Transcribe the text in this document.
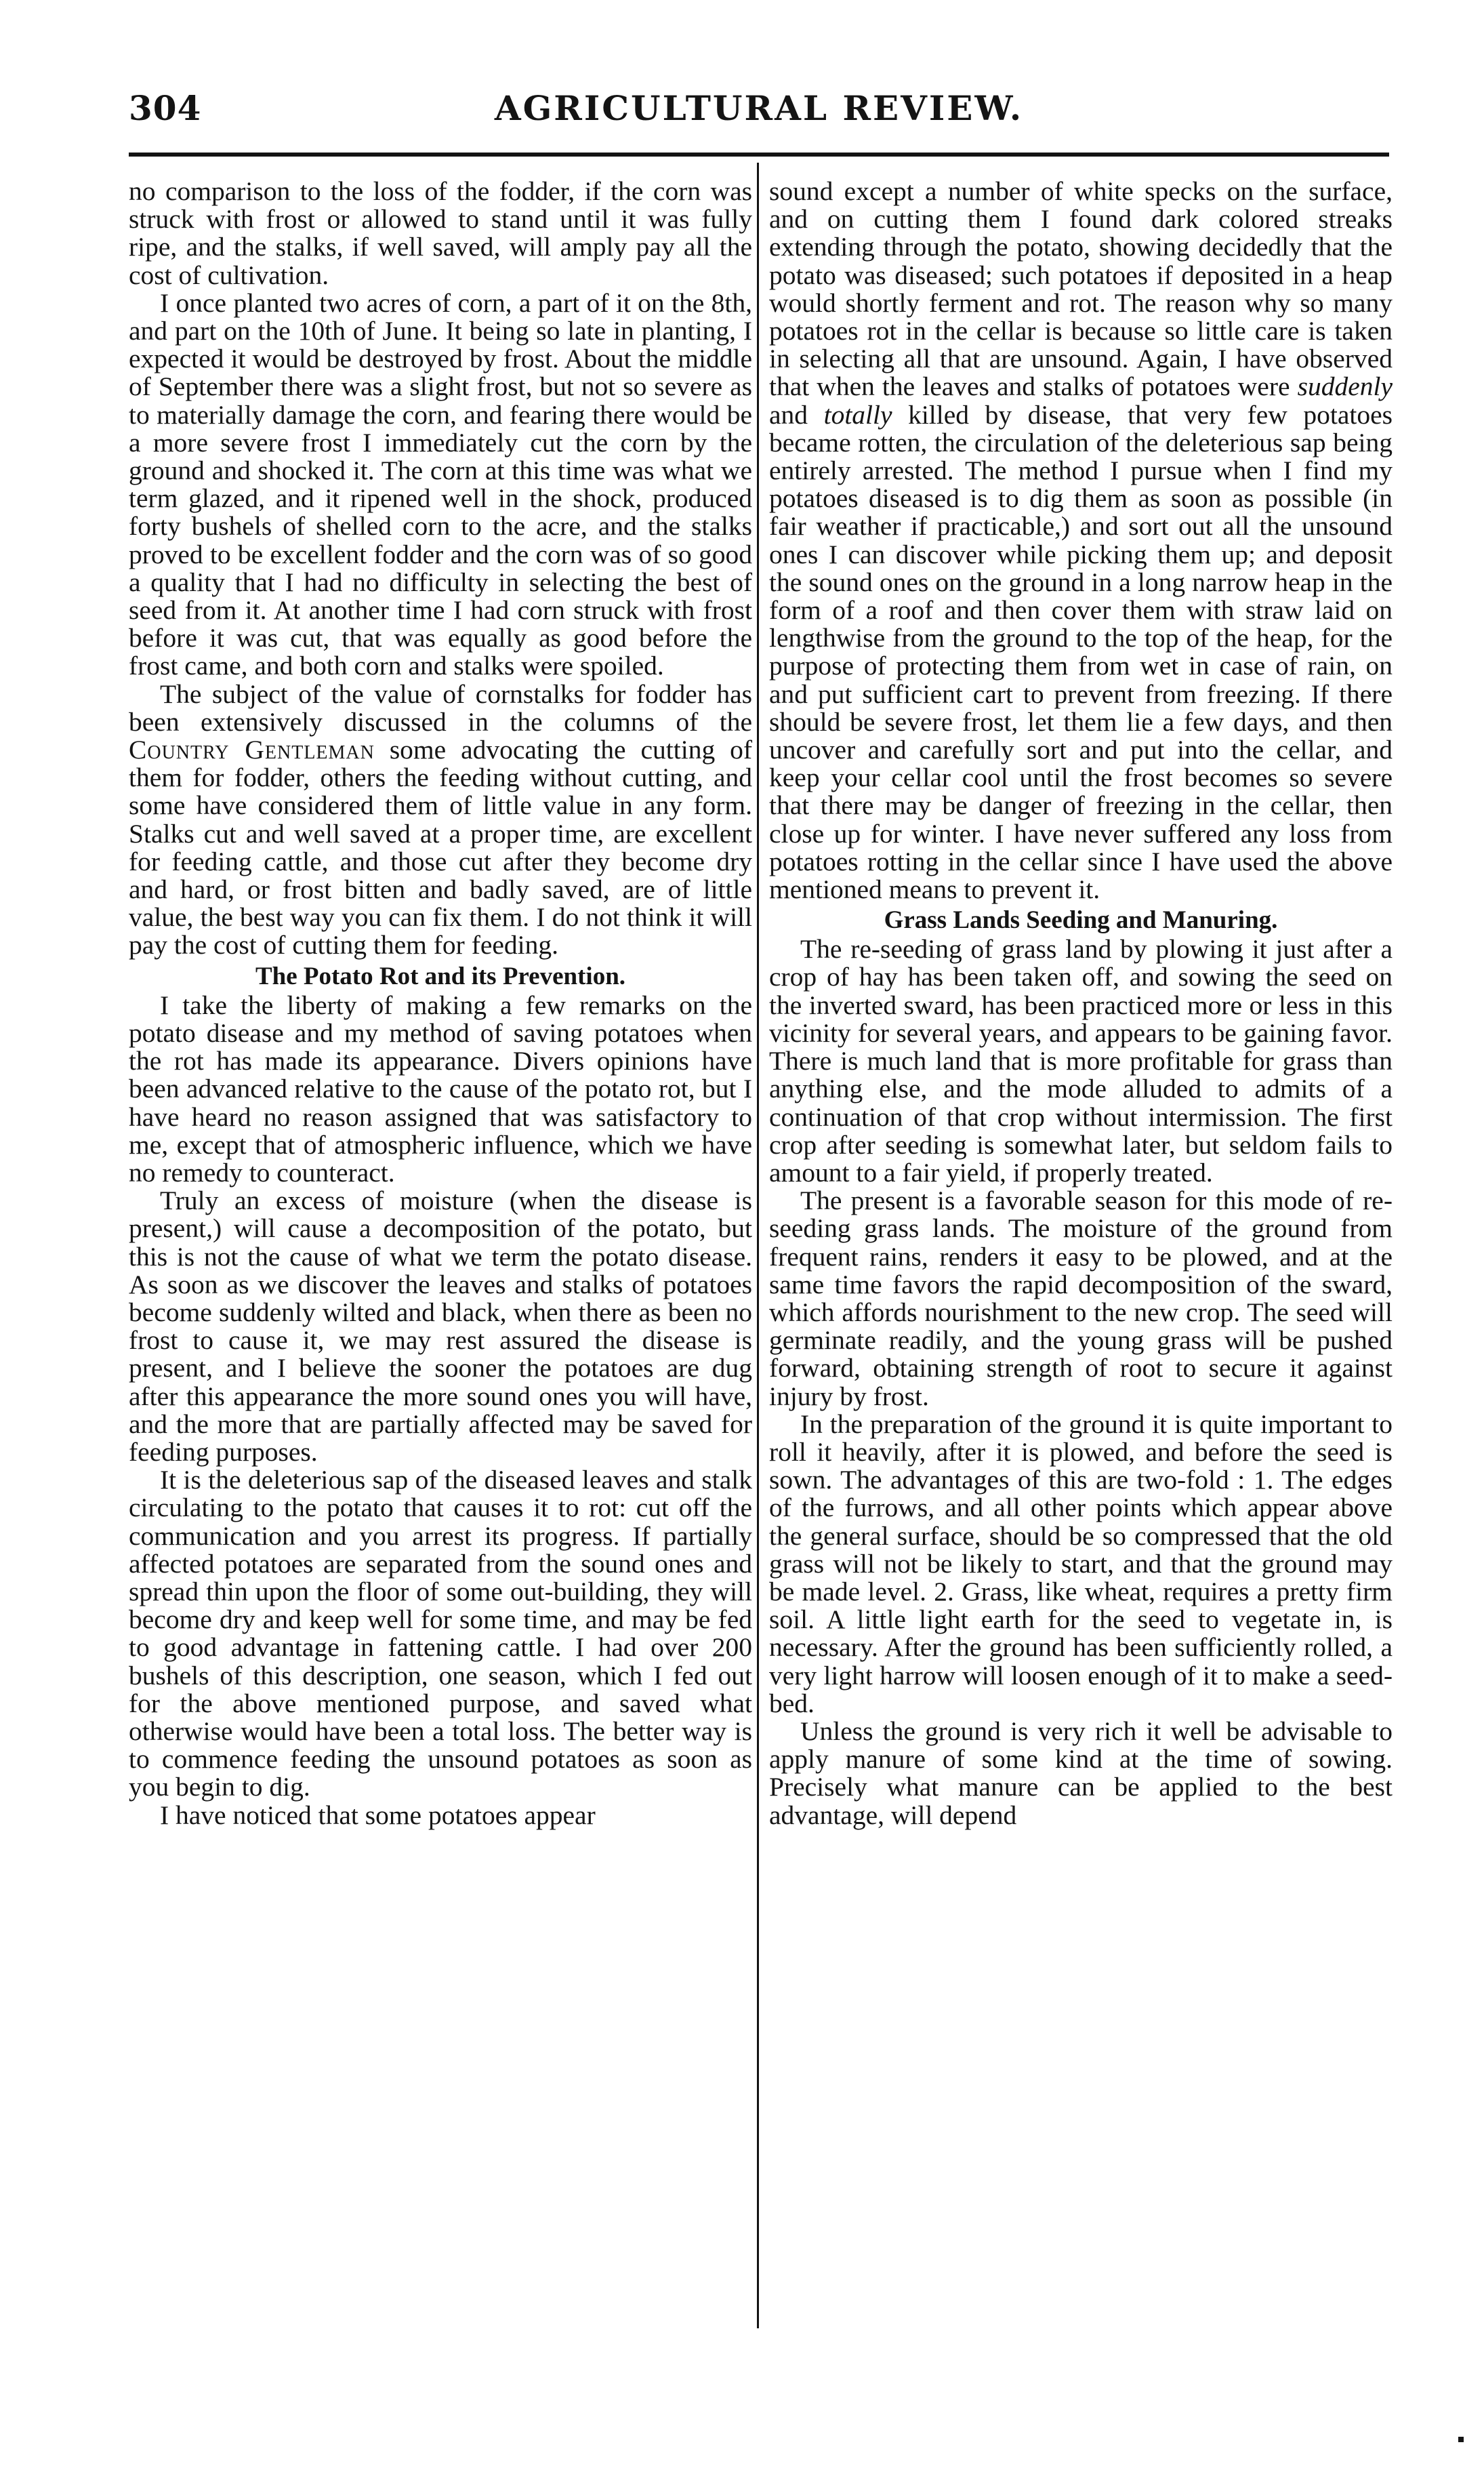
304	AGRICULTURAL REVIEW.

no comparison to the loss of the fodder, if the corn was struck with frost or allowed to stand until it was fully ripe, and the stalks, if well saved, will amply pay all the cost of cultivation.

I once planted two acres of corn, a part of it on the 8th, and part on the 10th of June. It being so late in planting, I expected it would be destroyed by frost. About the middle of September there was a slight frost, but not so severe as to materially damage the corn, and fearing there would be a more severe frost I immediately cut the corn by the ground and shocked it. The corn at this time was what we term glazed, and it ripened well in the shock, produced forty bushels of shelled corn to the acre, and the stalks proved to be excellent fodder and the corn was of so good a quality that I had no difficulty in selecting the best of seed from it. At another time I had corn struck with frost before it was cut, that was equally as good before the frost came, and both corn and stalks were spoiled.

The subject of the value of cornstalks for fodder has been extensively discussed in the columns of the Country Gentleman some advocating the cutting of them for fodder, others the feeding without cutting, and some have considered them of little value in any form. Stalks cut and well saved at a proper time, are excellent for feeding cattle, and those cut after they become dry and hard, or frost bitten and badly saved, are of little value, the best way you can fix them. I do not think it will pay the cost of cutting them for feeding.

The Potato Rot and its Prevention.

I take the liberty of making a few remarks on the potato disease and my method of saving potatoes when the rot has made its appearance. Divers opinions have been advanced relative to the cause of the potato rot, but I have heard no reason assigned that was satisfactory to me, except that of atmospheric influence, which we have no remedy to counteract.

Truly an excess of moisture (when the disease is present,) will cause a decomposition of the potato, but this is not the cause of what we term the potato disease. As soon as we discover the leaves and stalks of potatoes become suddenly wilted and black, when there as been no frost to cause it, we may rest assured the disease is present, and I believe the sooner the potatoes are dug after this appearance the more sound ones you will have, and the more that are partially affected may be saved for feeding purposes.

It is the deleterious sap of the diseased leaves and stalk circulating to the potato that causes it to rot: cut off the communication and you arrest its progress. If partially affected potatoes are separated from the sound ones and spread thin upon the floor of some out-building, they will become dry and keep well for some time, and may be fed to good advantage in fattening cattle. I had over 200 bushels of this description, one season, which I fed out for the above mentioned purpose, and saved what otherwise would have been a total loss. The better way is to commence feeding the unsound potatoes as soon as you begin to dig.

I have noticed that some potatoes appear

sound except a number of white specks on the surface, and on cutting them I found dark colored streaks extending through the potato, showing decidedly that the potato was diseased; such potatoes if deposited in a heap would shortly ferment and rot. The reason why so many potatoes rot in the cellar is because so little care is taken in selecting all that are unsound. Again, I have observed that when the leaves and stalks of potatoes were suddenly and totally killed by disease, that very few potatoes became rotten, the circulation of the deleterious sap being entirely arrested. The method I pursue when I find my potatoes diseased is to dig them as soon as possible (in fair weather if practicable,) and sort out all the unsound ones I can discover while picking them up; and deposit the sound ones on the ground in a long narrow heap in the form of a roof and then cover them with straw laid on lengthwise from the ground to the top of the heap, for the purpose of protecting them from wet in case of rain, on and put sufficient cart to prevent from freezing. If there should be severe frost, let them lie a few days, and then uncover and carefully sort and put into the cellar, and keep your cellar cool until the frost becomes so severe that there may be danger of freezing in the cellar, then close up for winter. I have never suffered any loss from potatoes rotting in the cellar since I have used the above mentioned means to prevent it.

Grass Lands Seeding and Manuring.

The re-seeding of grass land by plowing it just after a crop of hay has been taken off, and sowing the seed on the inverted sward, has been practiced more or less in this vicinity for several years, and appears to be gaining favor. There is much land that is more profitable for grass than anything else, and the mode alluded to admits of a continuation of that crop without intermission. The first crop after seeding is somewhat later, but seldom fails to amount to a fair yield, if properly treated.

The present is a favorable season for this mode of re-seeding grass lands. The moisture of the ground from frequent rains, renders it easy to be plowed, and at the same time favors the rapid decomposition of the sward, which affords nourishment to the new crop. The seed will germinate readily, and the young grass will be pushed forward, obtaining strength of root to secure it against injury by frost.

In the preparation of the ground it is quite important to roll it heavily, after it is plowed, and before the seed is sown. The advantages of this are two-fold : 1. The edges of the furrows, and all other points which appear above the general surface, should be so compressed that the old grass will not be likely to start, and that the ground may be made level. 2. Grass, like wheat, requires a pretty firm soil. A little light earth for the seed to vegetate in, is necessary. After the ground has been sufficiently rolled, a very light harrow will loosen enough of it to make a seed-bed.

Unless the ground is very rich it well be advisable to apply manure of some kind at the time of sowing. Precisely what manure can be applied to the best advantage, will depend
